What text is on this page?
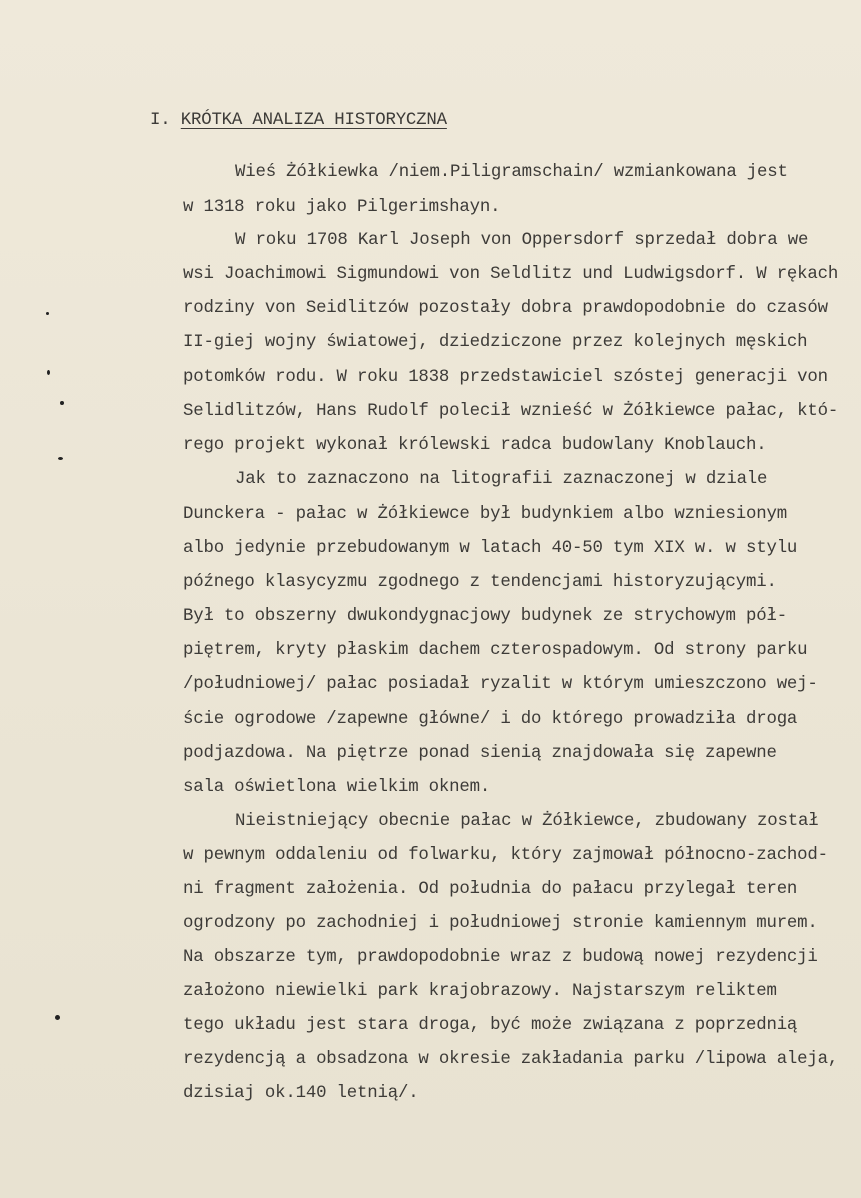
I. KRÓTKA ANALIZA HISTORYCZNA
Wieś Żółkiewka /niem.Piligramschain/ wzmiankowana jest
w 1318 roku jako Pilgerimshayn.
W roku 1708 Karl Joseph von Oppersdorf sprzedał dobra we
wsi Joachimowi Sigmundowi von Seldlitz und Ludwigsdorf. W rękach
rodziny von Seidlitzów pozostały dobra prawdopodobnie do czasów
II-giej wojny światowej, dziedziczone przez kolejnych męskich
potomków rodu. W roku 1838 przedstawiciel szóstej generacji von
Selidlitzów, Hans Rudolf polecił wznieść w Żółkiewce pałac, któ-
rego projekt wykonał królewski radca budowlany Knoblauch.
Jak to zaznaczono na litografii zaznaczonej w dziale
Dunckera - pałac w Żółkiewce był budynkiem albo wzniesionym
albo jedynie przebudowanym w latach 40-50 tym XIX w. w stylu
późnego klasycyzmu zgodnego z tendencjami historyzującymi.
Był to obszerny dwukondygnacjowy budynek ze strychowym pół-
piętrem, kryty płaskim dachem czterospadowym. Od strony parku
/południowej/ pałac posiadał ryzalit w którym umieszczono wej-
ście ogrodowe /zapewne główne/ i do którego prowadziła droga
podjazdowa. Na piętrze ponad sienią znajdowała się zapewne
sala oświetlona wielkim oknem.
Nieistniejący obecnie pałac w Żółkiewce, zbudowany został
w pewnym oddaleniu od folwarku, który zajmował północno-zachod-
ni fragment założenia. Od południa do pałacu przylegał teren
ogrodzony po zachodniej i południowej stronie kamiennym murem.
Na obszarze tym, prawdopodobnie wraz z budową nowej rezydencji
założono niewielki park krajobrazowy. Najstarszym reliktem
tego układu jest stara droga, być może związana z poprzednią
rezydencją a obsadzona w okresie zakładania parku /lipowa aleja,
dzisiaj ok.140 letnią/.
